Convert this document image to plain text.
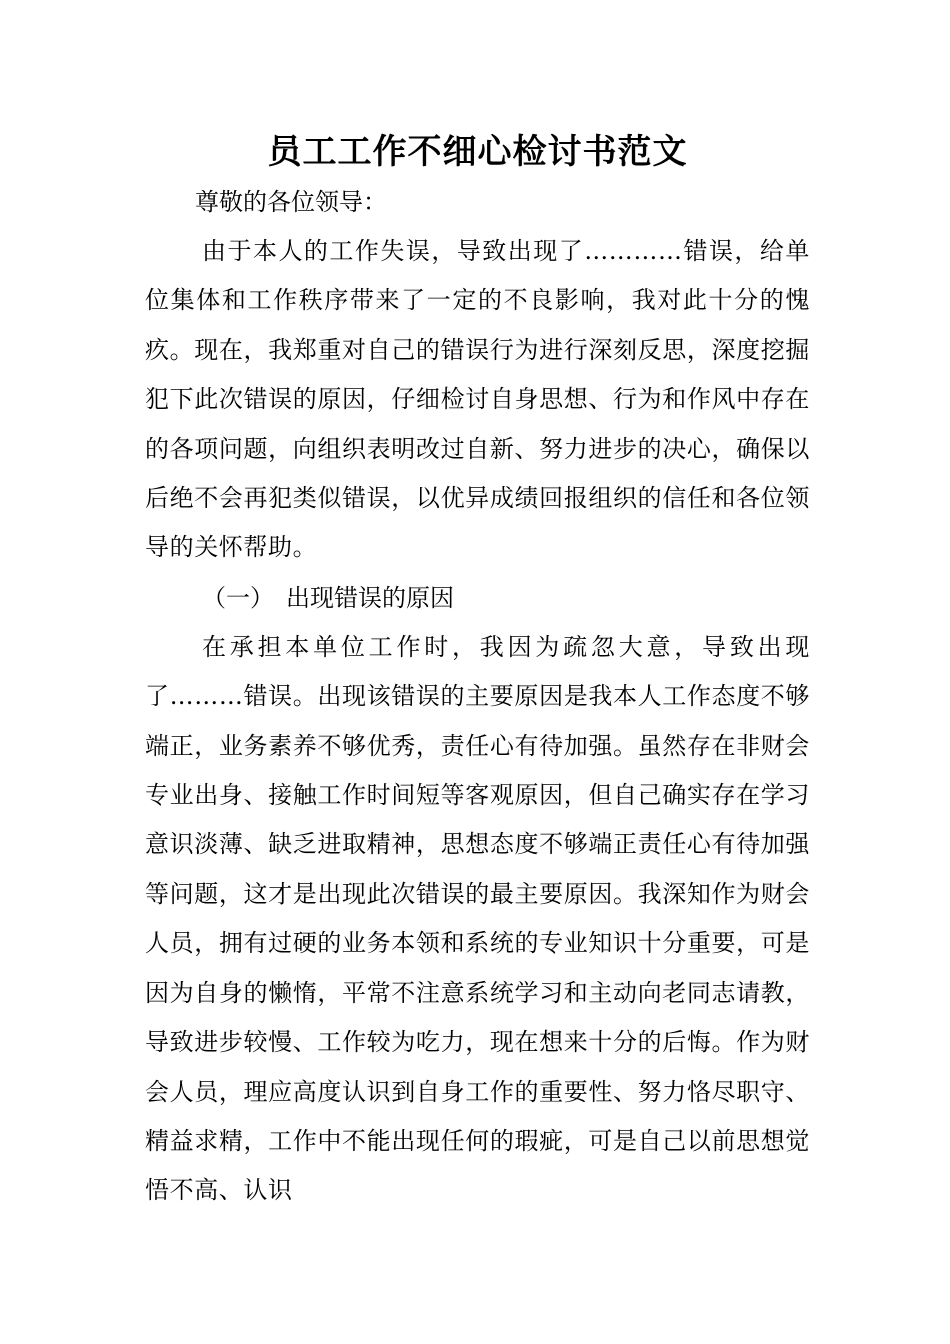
员工工作不细心检讨书范文

尊敬的各位领导：

由于本人的工作失误，导致出现了…………错误，给单位集体和工作秩序带来了一定的不良影响，我对此十分的愧疚。现在，我郑重对自己的错误行为进行深刻反思，深度挖掘犯下此次错误的原因，仔细检讨自身思想、行为和作风中存在的各项问题，向组织表明改过自新、努力进步的决心，确保以后绝不会再犯类似错误，以优异成绩回报组织的信任和各位领导的关怀帮助。

（一）　出现错误的原因

在承担本单位工作时，我因为疏忽大意，导致出现了………错误。出现该错误的主要原因是我本人工作态度不够端正，业务素养不够优秀，责任心有待加强。虽然存在非财会专业出身、接触工作时间短等客观原因，但自己确实存在学习意识淡薄、缺乏进取精神，思想态度不够端正责任心有待加强等问题，这才是出现此次错误的最主要原因。我深知作为财会人员，拥有过硬的业务本领和系统的专业知识十分重要，可是因为自身的懒惰，平常不注意系统学习和主动向老同志请教，导致进步较慢、工作较为吃力，现在想来十分的后悔。作为财会人员，理应高度认识到自身工作的重要性、努力恪尽职守、精益求精，工作中不能出现任何的瑕疵，可是自己以前思想觉悟不高、认识
